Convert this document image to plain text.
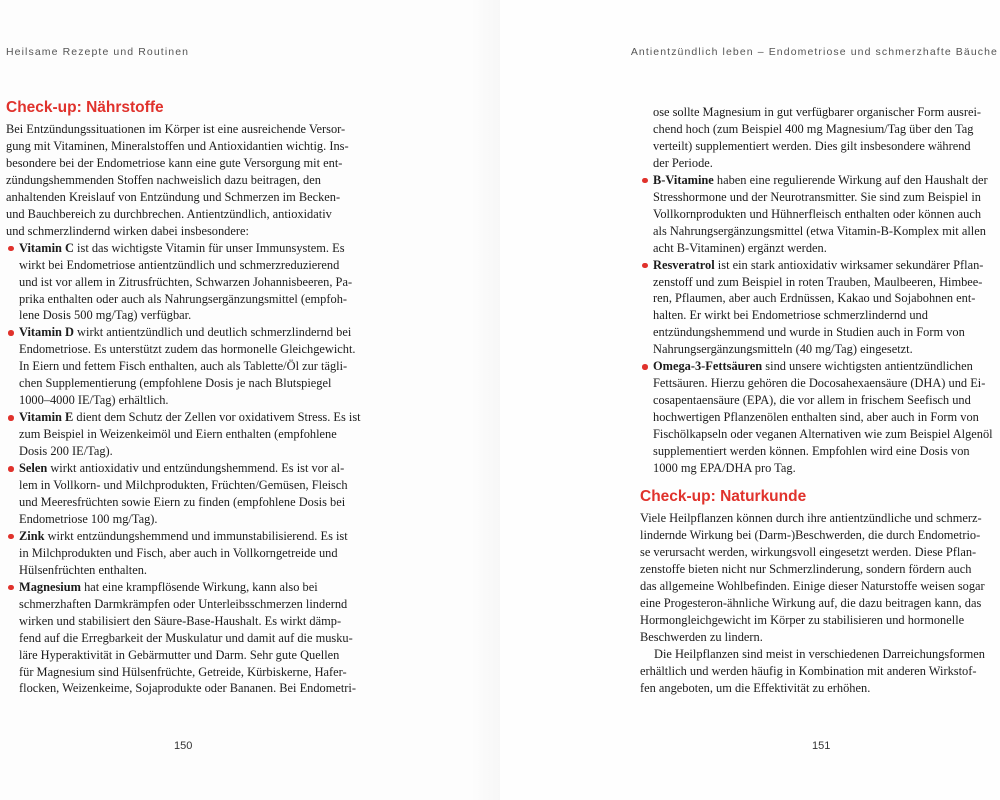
Heilsame Rezepte und Routinen
Check-up: Nährstoffe
Bei Entzündungssituationen im Körper ist eine ausreichende Versor-
gung mit Vitaminen, Mineralstoffen und Antioxidantien wichtig. Ins-
besondere bei der Endometriose kann eine gute Versorgung mit ent-
zündungshemmenden Stoffen nachweislich dazu beitragen, den
anhaltenden Kreislauf von Entzündung und Schmerzen im Becken-
und Bauchbereich zu durchbrechen. Antientzündlich, antioxidativ
und schmerzlindernd wirken dabei insbesondere:
Vitamin C ist das wichtigste Vitamin für unser Immunsystem. Es
wirkt bei Endometriose antientzündlich und schmerzreduzierend
und ist vor allem in Zitrusfrüchten, Schwarzen Johannisbeeren, Pa-
prika enthalten oder auch als Nahrungsergänzungsmittel (empfoh-
lene Dosis 500 mg/Tag) verfügbar.
Vitamin D wirkt antientzündlich und deutlich schmerzlindernd bei
Endometriose. Es unterstützt zudem das hormonelle Gleichgewicht.
In Eiern und fettem Fisch enthalten, auch als Tablette/Öl zur tägli-
chen Supplementierung (empfohlene Dosis je nach Blutspiegel
1000–4000 IE/Tag) erhältlich.
Vitamin E dient dem Schutz der Zellen vor oxidativem Stress. Es ist
zum Beispiel in Weizenkeimöl und Eiern enthalten (empfohlene
Dosis 200 IE/Tag).
Selen wirkt antioxidativ und entzündungshemmend. Es ist vor al-
lem in Vollkorn- und Milchprodukten, Früchten/Gemüsen, Fleisch
und Meeresfrüchten sowie Eiern zu finden (empfohlene Dosis bei
Endometriose 100 mg/Tag).
Zink wirkt entzündungshemmend und immunstabilisierend. Es ist
in Milchprodukten und Fisch, aber auch in Vollkorngetreide und
Hülsenfrüchten enthalten.
Magnesium hat eine krampflösende Wirkung, kann also bei
schmerzhaften Darmkrämpfen oder Unterleibsschmerzen lindernd
wirken und stabilisiert den Säure-Base-Haushalt. Es wirkt dämp-
fend auf die Erregbarkeit der Muskulatur und damit auf die musku-
läre Hyperaktivität in Gebärmutter und Darm. Sehr gute Quellen
für Magnesium sind Hülsenfrüchte, Getreide, Kürbiskerne, Hafer-
flocken, Weizenkeime, Sojaprodukte oder Bananen. Bei Endometri-
150
Antientzündlich leben – Endometriose und schmerzhafte Bäuche
ose sollte Magnesium in gut verfügbarer organischer Form ausrei-
chend hoch (zum Beispiel 400 mg Magnesium/Tag über den Tag
verteilt) supplementiert werden. Dies gilt insbesondere während
der Periode.
B-Vitamine haben eine regulierende Wirkung auf den Haushalt der
Stresshormone und der Neurotransmitter. Sie sind zum Beispiel in
Vollkornprodukten und Hühnerfleisch enthalten oder können auch
als Nahrungsergänzungsmittel (etwa Vitamin-B-Komplex mit allen
acht B-Vitaminen) ergänzt werden.
Resveratrol ist ein stark antioxidativ wirksamer sekundärer Pflan-
zenstoff und zum Beispiel in roten Trauben, Maulbeeren, Himbee-
ren, Pflaumen, aber auch Erdnüssen, Kakao und Sojabohnen ent-
halten. Er wirkt bei Endometriose schmerzlindernd und
entzündungshemmend und wurde in Studien auch in Form von
Nahrungsergänzungsmitteln (40 mg/Tag) eingesetzt.
Omega-3-Fettsäuren sind unsere wichtigsten antientzündlichen
Fettsäuren. Hierzu gehören die Docosahexaensäure (DHA) und Ei-
cosapentaensäure (EPA), die vor allem in frischem Seefisch und
hochwertigen Pflanzenölen enthalten sind, aber auch in Form von
Fischölkapseln oder veganen Alternativen wie zum Beispiel Algenöl
supplementiert werden können. Empfohlen wird eine Dosis von
1000 mg EPA/DHA pro Tag.
Check-up: Naturkunde
Viele Heilpflanzen können durch ihre antientzündliche und schmerz-
lindernde Wirkung bei (Darm-)Beschwerden, die durch Endometrio-
se verursacht werden, wirkungsvoll eingesetzt werden. Diese Pflan-
zenstoffe bieten nicht nur Schmerzlinderung, sondern fördern auch
das allgemeine Wohlbefinden. Einige dieser Naturstoffe weisen sogar
eine Progesteron-ähnliche Wirkung auf, die dazu beitragen kann, das
Hormongleichgewicht im Körper zu stabilisieren und hormonelle
Beschwerden zu lindern.
Die Heilpflanzen sind meist in verschiedenen Darreichungsformen
erhältlich und werden häufig in Kombination mit anderen Wirkstof-
fen angeboten, um die Effektivität zu erhöhen.
151
